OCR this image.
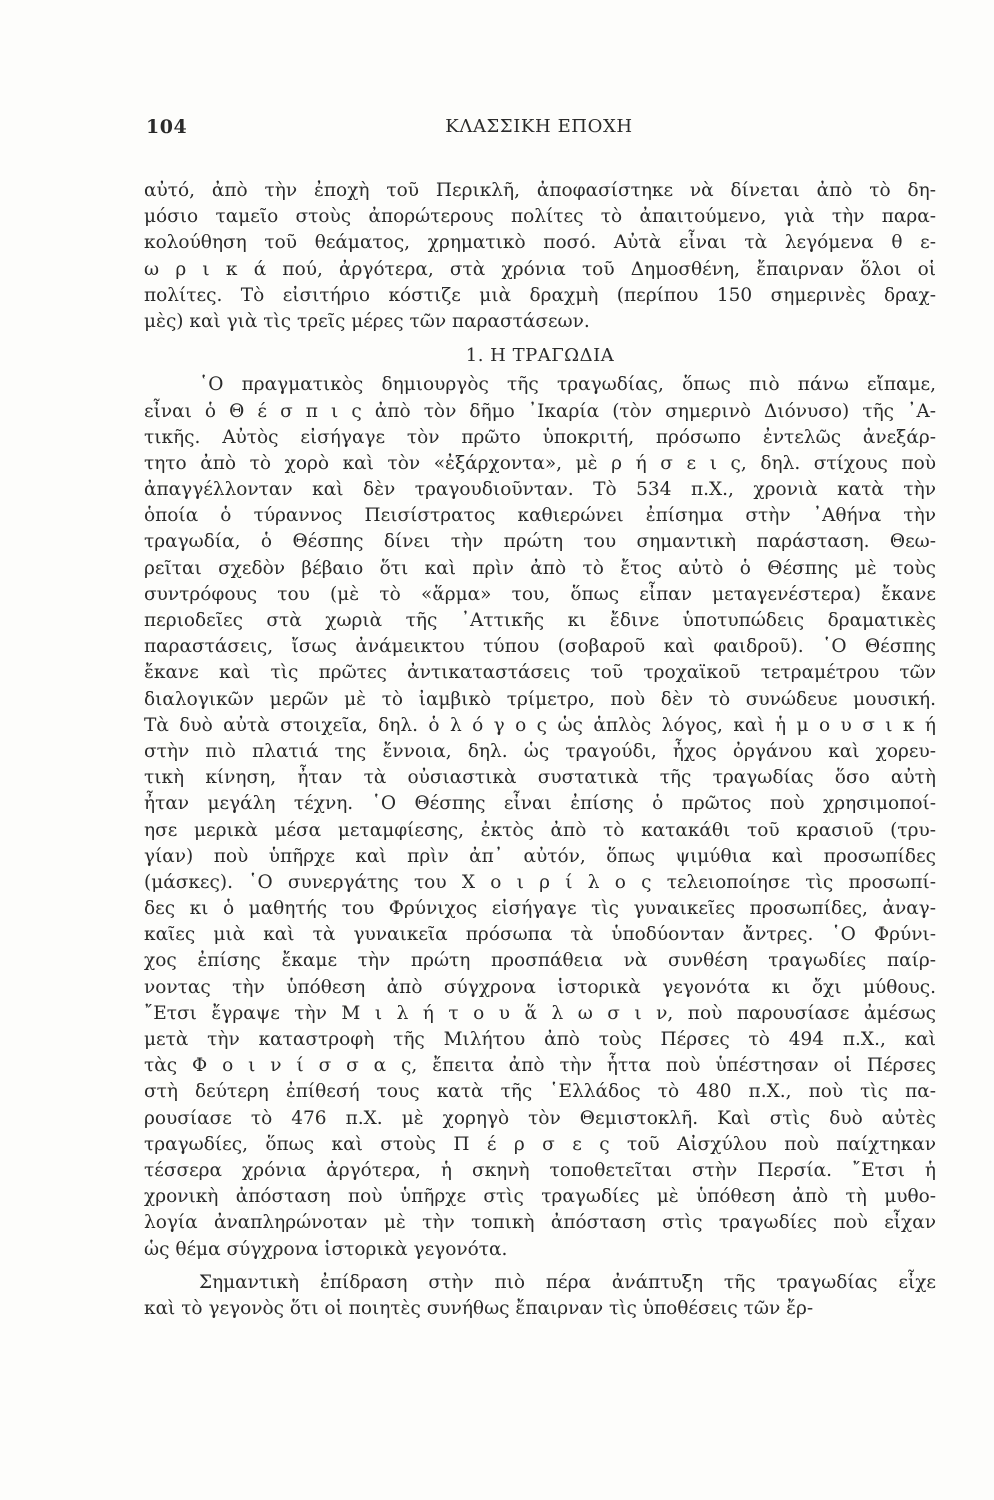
104	ΚΛΑΣΣΙΚΗ ΕΠΟΧΗ
αὐτό, ἀπὸ τὴν ἐποχὴ τοῦ Περικλῆ, ἀποφασίστηκε νὰ δίνεται ἀπὸ τὸ δη-
μόσιο ταμεῖο στοὺς ἀπορώτερους πολίτες τὸ ἀπαιτούμενο, γιὰ τὴν παρα-
κολούθηση τοῦ θεάματος, χρηματικὸ ποσό. Αὐτὰ εἶναι τὰ λεγόμενα θ ε-
ω ρ ι κ ά πού, ἀργότερα, στὰ χρόνια τοῦ Δημοσθένη, ἔπαιρναν ὅλοι οἱ
πολίτες. Τὸ εἰσιτήριο κόστιζε μιὰ δραχμὴ (περίπου 150 σημερινὲς δραχ-
μὲς) καὶ γιὰ τὶς τρεῖς μέρες τῶν παραστάσεων.
1. Η ΤΡΑΓΩΔΙΑ
῾Ο πραγματικὸς δημιουργὸς τῆς τραγωδίας, ὅπως πιὸ πάνω εἴπαμε,
εἶναι ὁ Θ έ σ π ι ς ἀπὸ τὸν δῆμο ᾿Ικαρία (τὸν σημερινὸ Διόνυσο) τῆς ᾿Α-
τικῆς. Αὐτὸς εἰσήγαγε τὸν πρῶτο ὑποκριτή, πρόσωπο ἐντελῶς ἀνεξάρ-
τητο ἀπὸ τὸ χορὸ καὶ τὸν «ἐξάρχοντα», μὲ ρ ή σ ε ι ς, δηλ. στίχους ποὺ
ἀπαγγέλλονταν καὶ δὲν τραγουδιοῦνταν. Τὸ 534 π.Χ., χρονιὰ κατὰ τὴν
ὁποία ὁ τύραννος Πεισίστρατος καθιερώνει ἐπίσημα στὴν ᾿Αθήνα τὴν
τραγωδία, ὁ Θέσπης δίνει τὴν πρώτη του σημαντικὴ παράσταση. Θεω-
ρεῖται σχεδὸν βέβαιο ὅτι καὶ πρὶν ἀπὸ τὸ ἔτος αὐτὸ ὁ Θέσπης μὲ τοὺς
συντρόφους του (μὲ τὸ «ἅρμα» του, ὅπως εἶπαν μεταγενέστερα) ἔκανε
περιοδεῖες στὰ χωριὰ τῆς ᾿Αττικῆς κι ἔδινε ὑποτυπώδεις δραματικὲς
παραστάσεις, ἴσως ἀνάμεικτου τύπου (σοβαροῦ καὶ φαιδροῦ). ῾Ο Θέσπης
ἔκανε καὶ τὶς πρῶτες ἀντικαταστάσεις τοῦ τροχαϊκοῦ τετραμέτρου τῶν
διαλογικῶν μερῶν μὲ τὸ ἰαμβικὸ τρίμετρο, ποὺ δὲν τὸ συνώδευε μουσική.
Τὰ δυὸ αὐτὰ στοιχεῖα, δηλ. ὁ λ ό γ ο ς ὡς ἁπλὸς λόγος, καὶ ἡ μ ο υ σ ι κ ή
στὴν πιὸ πλατιά της ἔννοια, δηλ. ὡς τραγούδι, ἦχος ὀργάνου καὶ χορευ-
τικὴ κίνηση, ἦταν τὰ οὐσιαστικὰ συστατικὰ τῆς τραγωδίας ὅσο αὐτὴ
ἦταν μεγάλη τέχνη. ῾Ο Θέσπης εἶναι ἐπίσης ὁ πρῶτος ποὺ χρησιμοποί-
ησε μερικὰ μέσα μεταμφίεσης, ἐκτὸς ἀπὸ τὸ κατακάθι τοῦ κρασιοῦ (τρυ-
γίαν) ποὺ ὑπῆρχε καὶ πρὶν ἀπ᾿ αὐτόν, ὅπως ψιμύθια καὶ προσωπίδες
(μάσκες). ῾Ο συνεργάτης του Χ ο ι ρ ί λ ο ς τελειοποίησε τὶς προσωπί-
δες κι ὁ μαθητής του Φρύνιχος εἰσήγαγε τὶς γυναικεῖες προσωπίδες, ἀναγ-
καῖες μιὰ καὶ τὰ γυναικεῖα πρόσωπα τὰ ὑποδύονταν ἄντρες. ῾Ο Φρύνι-
χος ἐπίσης ἔκαμε τὴν πρώτη προσπάθεια νὰ συνθέση τραγωδίες παίρ-
νοντας τὴν ὑπόθεση ἀπὸ σύγχρονα ἱστορικὰ γεγονότα κι ὄχι μύθους.
῎Ετσι ἔγραψε τὴν Μ ι λ ή τ ο υ ἅ λ ω σ ι ν, ποὺ παρουσίασε ἀμέσως
μετὰ τὴν καταστροφὴ τῆς Μιλήτου ἀπὸ τοὺς Πέρσες τὸ 494 π.Χ., καὶ
τὰς Φ ο ι ν ί σ σ α ς, ἔπειτα ἀπὸ τὴν ἧττα ποὺ ὑπέστησαν οἱ Πέρσες
στὴ δεύτερη ἐπίθεσή τους κατὰ τῆς ῾Ελλάδος τὸ 480 π.Χ., ποὺ τὶς πα-
ρουσίασε τὸ 476 π.Χ. μὲ χορηγὸ τὸν Θεμιστοκλῆ. Καὶ στὶς δυὸ αὐτὲς
τραγωδίες, ὅπως καὶ στοὺς Π έ ρ σ ε ς τοῦ Αἰσχύλου ποὺ παίχτηκαν
τέσσερα χρόνια ἀργότερα, ἡ σκηνὴ τοποθετεῖται στὴν Περσία. ῎Ετσι ἡ
χρονικὴ ἀπόσταση ποὺ ὑπῆρχε στὶς τραγωδίες μὲ ὑπόθεση ἀπὸ τὴ μυθο-
λογία ἀναπληρώνοταν μὲ τὴν τοπικὴ ἀπόσταση στὶς τραγωδίες ποὺ εἶχαν
ὡς θέμα σύγχρονα ἱστορικὰ γεγονότα.
Σημαντικὴ ἐπίδραση στὴν πιὸ πέρα ἀνάπτυξη τῆς τραγωδίας εἶχε
καὶ τὸ γεγονὸς ὅτι οἱ ποιητὲς συνήθως ἔπαιρναν τὶς ὑποθέσεις τῶν ἔρ-
